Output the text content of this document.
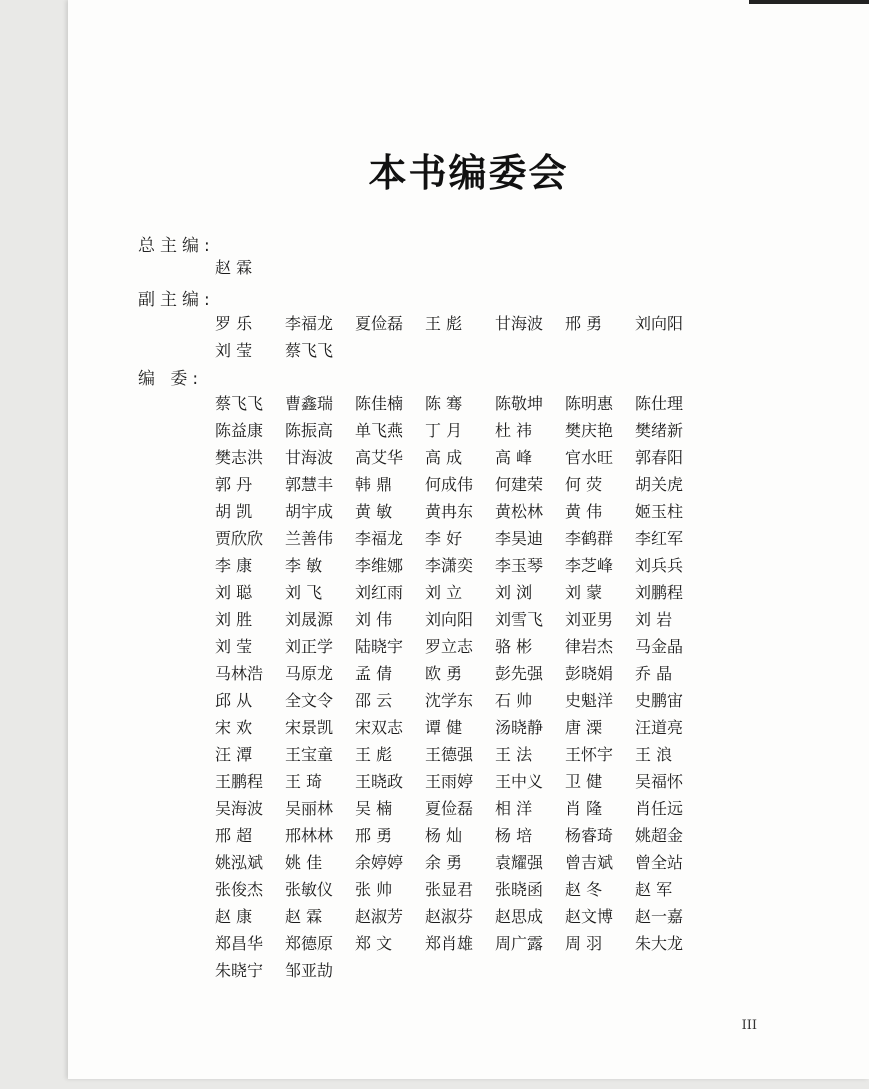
本书编委会
总主编:
赵 霖
副主编:
罗 乐	李福龙	夏俭磊	王 彪	甘海波	邢 勇	刘向阳
刘 莹	蔡飞飞
编 委:
蔡飞飞	曹鑫瑞	陈佳楠	陈 骞	陈敬坤	陈明惠	陈仕理
陈益康	陈振高	单飞燕	丁 月	杜 祎	樊庆艳	樊绪新
樊志洪	甘海波	高艾华	高 成	高 峰	官水旺	郭春阳
郭 丹	郭慧丰	韩 鼎	何成伟	何建荣	何 荧	胡关虎
胡 凯	胡宇成	黄 敏	黄冉东	黄松林	黄 伟	姬玉柱
贾欣欣	兰善伟	李福龙	李 好	李昊迪	李鹤群	李红军
李 康	李 敏	李维娜	李潇奕	李玉琴	李芝峰	刘兵兵
刘 聪	刘 飞	刘红雨	刘 立	刘 浏	刘 蒙	刘鹏程
刘 胜	刘晟源	刘 伟	刘向阳	刘雪飞	刘亚男	刘 岩
刘 莹	刘正学	陆晓宇	罗立志	骆 彬	律岩杰	马金晶
马林浩	马原龙	孟 倩	欧 勇	彭先强	彭晓娟	乔 晶
邱 从	全文令	邵 云	沈学东	石 帅	史魁洋	史鹏宙
宋 欢	宋景凯	宋双志	谭 健	汤晓静	唐 溧	汪道亮
汪 潭	王宝童	王 彪	王德强	王 法	王怀宇	王 浪
王鹏程	王 琦	王晓政	王雨婷	王中义	卫 健	吴福怀
吴海波	吴丽林	吴 楠	夏俭磊	相 洋	肖 隆	肖任远
邢 超	邢林林	邢 勇	杨 灿	杨 培	杨睿琦	姚超金
姚泓斌	姚 佳	余婷婷	余 勇	袁耀强	曾吉斌	曾全站
张俊杰	张敏仪	张 帅	张显君	张晓函	赵 冬	赵 军
赵 康	赵 霖	赵淑芳	赵淑芬	赵思成	赵文博	赵一嘉
郑昌华	郑德原	郑 文	郑肖雄	周广露	周 羽	朱大龙
朱晓宁	邹亚劼
III
